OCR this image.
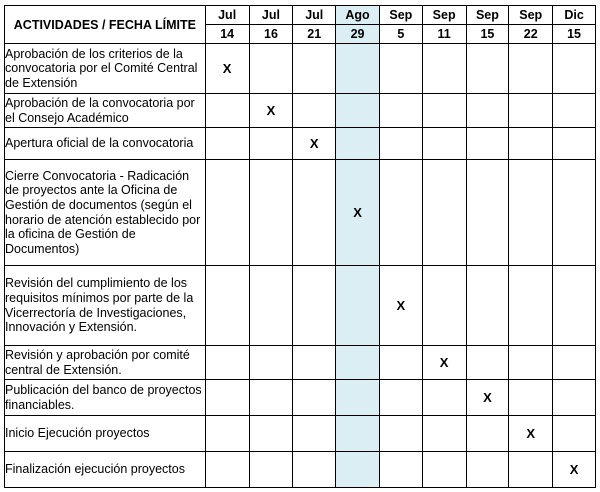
ACTIVIDADES / FECHA LÍMITE	Jul	Jul	Jul	Ago	Sep	Sep	Sep	Sep	Dic
	14	16	21	29	5	11	15	22	15
Aprobación de los criterios de la convocatoria por el Comité Central de Extensión	X								
Aprobación de la convocatoria por el Consejo Académico		X							
Apertura oficial de la convocatoria			X						
Cierre Convocatoria - Radicación de proyectos ante la Oficina de Gestión de documentos (según el horario de atención establecido por la oficina de Gestión de Documentos)				X					
Revisión del cumplimiento de los requisitos mínimos por parte de la Vicerrectoría de Investigaciones, Innovación y Extensión.					X				
Revisión y aprobación por comité central de Extensión.						X			
Publicación del banco de proyectos financiables.							X		
Inicio Ejecución proyectos								X	
Finalización ejecución proyectos									X
